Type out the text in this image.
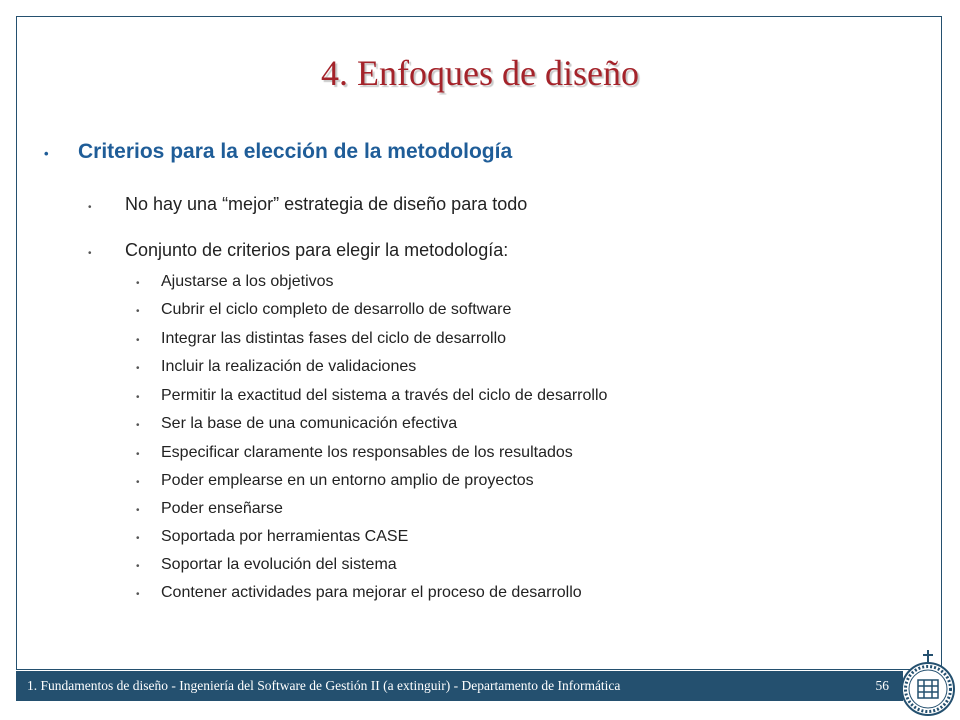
4. Enfoques de diseño
•	Criterios para la elección de la metodología
•	No hay una “mejor” estrategia de diseño para todo
•	Conjunto de criterios para elegir la metodología:
•	Ajustarse a los objetivos
•	Cubrir el ciclo completo de desarrollo de software
•	Integrar las distintas fases del ciclo de desarrollo
•	Incluir la realización de validaciones
•	Permitir la exactitud del sistema a través del ciclo de desarrollo
•	Ser la base de una comunicación efectiva
•	Especificar claramente los responsables de los resultados
•	Poder emplearse en un entorno amplio de proyectos
•	Poder enseñarse
•	Soportada por herramientas CASE
•	Soportar la evolución del sistema
•	Contener actividades para mejorar el proceso de desarrollo
1. Fundamentos de diseño - Ingeniería del Software de Gestión II (a extinguir) - Departamento de Informática	56
